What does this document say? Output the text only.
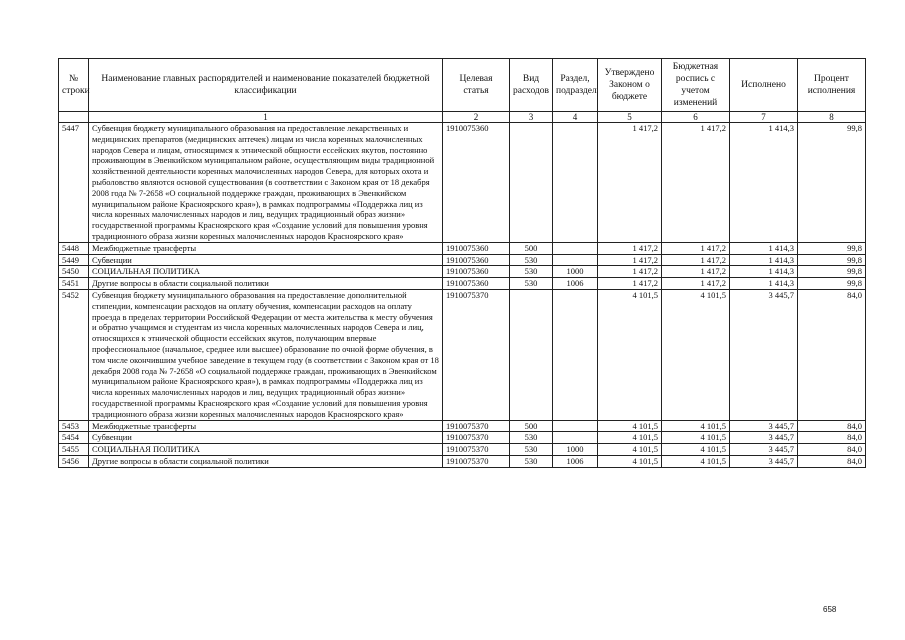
№ строки	Наименование главных распорядителей и наименование показателей бюджетной классификации	Целевая статья	Вид расходов	Раздел, подраздел	Утверждено Законом о бюджете	Бюджетная роспись с учетом изменений	Исполнено	Процент исполнения
	1	2	3	4	5	6	7	8
5447	Субвенция бюджету муниципального образования на предоставление лекарственных и медицинских препаратов (медицинских аптечек) лицам из числа коренных малочисленных народов Севера и лицам, относящимся к этнической общности ессейских якутов, постоянно проживающим в Эвенкийском муниципальном районе, осуществляющим виды традиционной хозяйственной деятельности коренных малочисленных народов Севера, для которых охота и рыболовство являются основой существования (в соответствии с Законом края от 18 декабря 2008 года № 7-2658 «О социальной поддержке граждан, проживающих в Эвенкийском муниципальном районе Красноярского края»), в рамках подпрограммы «Поддержка лиц из числа коренных малочисленных народов и лиц, ведущих традиционный образ жизни» государственной программы Красноярского края «Создание условий для повышения уровня традиционного образа жизни коренных малочисленных народов Красноярского края»	1910075360			1 417,2	1 417,2	1 414,3	99,8
5448	Межбюджетные трансферты	1910075360	500		1 417,2	1 417,2	1 414,3	99,8
5449	Субвенции	1910075360	530		1 417,2	1 417,2	1 414,3	99,8
5450	СОЦИАЛЬНАЯ ПОЛИТИКА	1910075360	530	1000	1 417,2	1 417,2	1 414,3	99,8
5451	Другие вопросы в области социальной политики	1910075360	530	1006	1 417,2	1 417,2	1 414,3	99,8
5452	Субвенция бюджету муниципального образования на предоставление дополнительной стипендии, компенсации расходов на оплату обучения, компенсации расходов на оплату проезда в пределах территории Российской Федерации от места жительства к месту обучения и обратно учащимся и студентам из числа коренных малочисленных народов Севера и лиц, относящихся к этнической общности ессейских якутов, получающим впервые профессиональное (начальное, среднее или высшее) образование по очной форме обучения, в том числе окончившим учебное заведение в текущем году (в соответствии с Законом края от 18 декабря 2008 года № 7-2658 «О социальной поддержке граждан, проживающих в Эвенкийском муниципальном районе Красноярского края»), в рамках подпрограммы «Поддержка лиц из числа коренных малочисленных народов и лиц, ведущих традиционный образ жизни» государственной программы Красноярского края «Создание условий для повышения уровня традиционного образа жизни коренных малочисленных народов Красноярского края»	1910075370			4 101,5	4 101,5	3 445,7	84,0
5453	Межбюджетные трансферты	1910075370	500		4 101,5	4 101,5	3 445,7	84,0
5454	Субвенции	1910075370	530		4 101,5	4 101,5	3 445,7	84,0
5455	СОЦИАЛЬНАЯ ПОЛИТИКА	1910075370	530	1000	4 101,5	4 101,5	3 445,7	84,0
5456	Другие вопросы в области социальной политики	1910075370	530	1006	4 101,5	4 101,5	3 445,7	84,0
658
